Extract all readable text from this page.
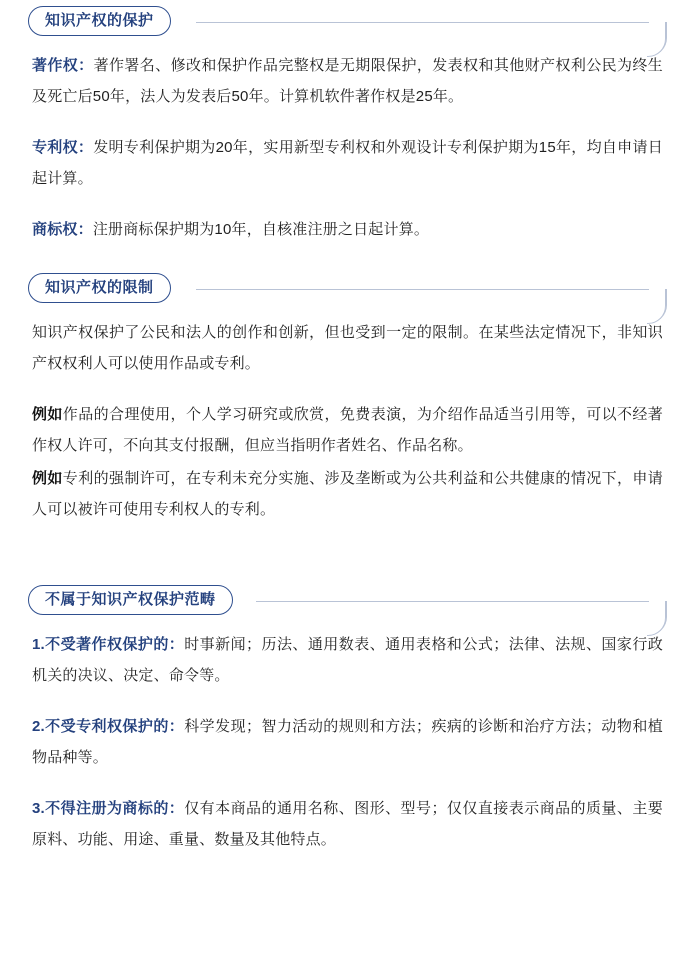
知识产权的保护

著作权：著作署名、修改和保护作品完整权是无期限保护，发表权和其他财产权利公民为终生及死亡后50年，法人为发表后50年。计算机软件著作权是25年。

专利权：发明专利保护期为20年，实用新型专利权和外观设计专利保护期为15年，均自申请日起计算。

商标权：注册商标保护期为10年，自核准注册之日起计算。

知识产权的限制

知识产权保护了公民和法人的创作和创新，但也受到一定的限制。在某些法定情况下，非知识产权权利人可以使用作品或专利。

例如作品的合理使用，个人学习研究或欣赏，免费表演，为介绍作品适当引用等，可以不经著作权人许可，不向其支付报酬，但应当指明作者姓名、作品名称。

例如专利的强制许可，在专利未充分实施、涉及垄断或为公共利益和公共健康的情况下，申请人可以被许可使用专利权人的专利。

不属于知识产权保护范畴

1.不受著作权保护的：时事新闻；历法、通用数表、通用表格和公式；法律、法规、国家行政机关的决议、决定、命令等。

2.不受专利权保护的：科学发现；智力活动的规则和方法；疾病的诊断和治疗方法；动物和植物品种等。

3.不得注册为商标的：仅有本商品的通用名称、图形、型号；仅仅直接表示商品的质量、主要原料、功能、用途、重量、数量及其他特点。
